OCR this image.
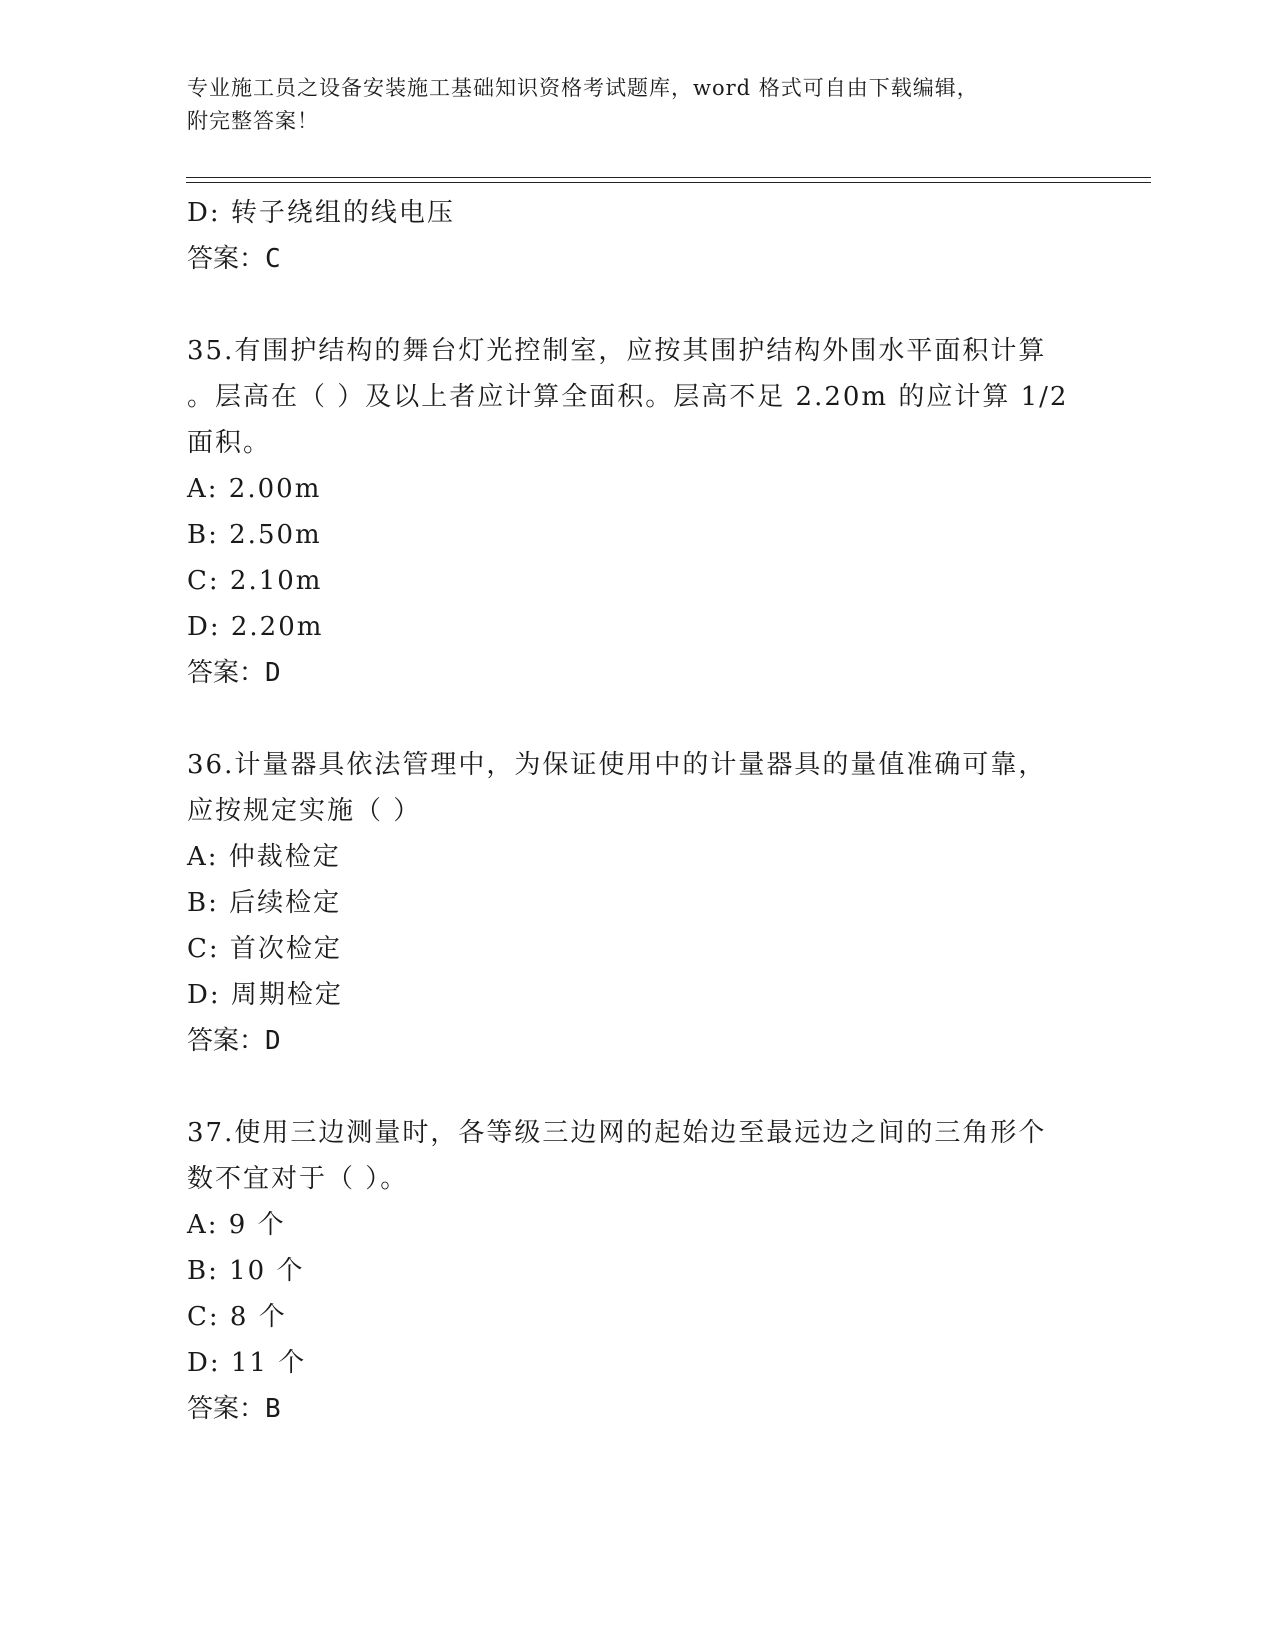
专业施工员之设备安装施工基础知识资格考试题库，word 格式可自由下载编辑，
附完整答案！
D: 转子绕组的线电压
答案：C
35.有围护结构的舞台灯光控制室，应按其围护结构外围水平面积计算
。层高在（ ）及以上者应计算全面积。层高不足 2.20m 的应计算 1/2
面积。
A: 2.00m
B: 2.50m
C: 2.10m
D: 2.20m
答案：D
36.计量器具依法管理中，为保证使用中的计量器具的量值准确可靠，
应按规定实施（ ）
A: 仲裁检定
B: 后续检定
C: 首次检定
D: 周期检定
答案：D
37.使用三边测量时，各等级三边网的起始边至最远边之间的三角形个
数不宜对于（ ）。
A: 9 个
B: 10 个
C: 8 个
D: 11 个
答案：B
